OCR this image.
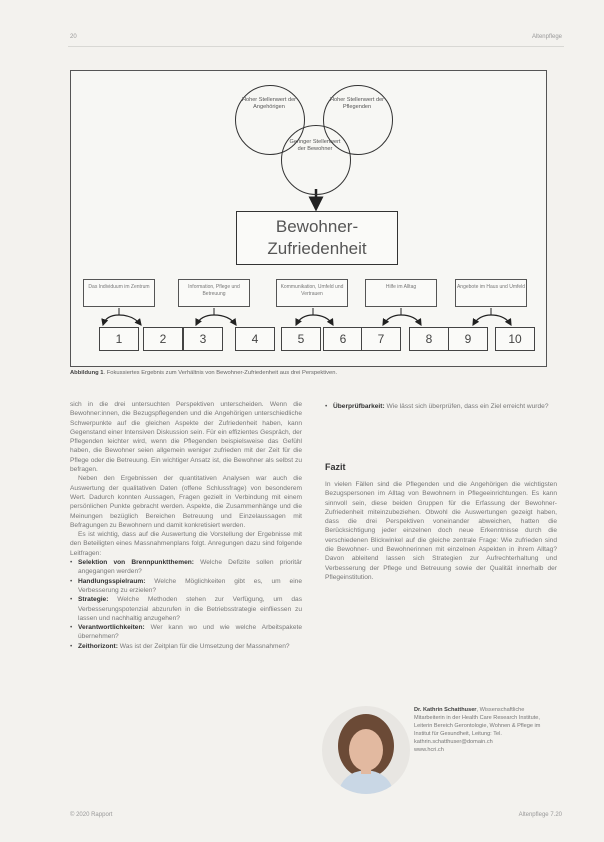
20	Altenpflege
Hoher Stellenwert der Angehörigen
Hoher Stellenwert der Pflegenden
Geringer Stellenwert der Bewohner
Bewohner-
Zufriedenheit
Das Individuum im Zentrum	Information, Pflege und Betreuung
Kommunikation, Umfeld und Vertrauen
Hilfe im Alltag	Angebote im Haus und Umfeld
1	2	3	4	5	6	7	8	9	10
Abbildung 1. Fokussiertes Ergebnis zum Verhältnis von Bewohner-Zufriedenheit aus drei Perspektiven.

sich in die drei untersuchten Perspektiven unterscheiden. Wenn die Bewohner:innen, die Bezugspflegenden und die Angehörigen unterschiedliche Schwerpunkte auf die gleichen Aspekte der Zufriedenheit haben, kann Gegenstand einer Intensiven Diskussion sein. Für ein effizientes Gespräch, der Pflegenden leichter wird, wenn die Pflegenden beispielsweise das Gefühl haben, die Bewohner seien allgemein weniger zufrieden mit der Zeit für die Pflege oder die Betreuung. Ein wichtiger Ansatz ist, die Bewohner als selbst zu befragen.

Neben den Ergebnissen der quantitativen Analysen war auch die Auswertung der qualitativen Daten (offene Schlussfrage) von besonderem Wert. Dadurch konnten Aussagen, Fragen gezielt in Verbindung mit einem persönlichen Punkte gebracht werden. Aspekte, die Zusammenhänge und die Meinungen bezüglich Bereichen Betreuung und Einzelaussagen mit Befragungen zu Bewohnern und damit konkretisiert werden.

Es ist wichtig, dass auf die Auswertung die Vorstellung der Ergebnisse mit den Beteiligten eines Massnahmenplans folgt. Anregungen dazu sind folgende Leitfragen:

• Selektion von Brennpunktthemen: Welche Defizite sollen prioritär angegangen werden?
• Handlungsspielraum: Welche Möglichkeiten gibt es, um eine Verbesserung zu erzielen?
• Strategie: Welche Methoden stehen zur Verfügung, um das Verbesserungspotenzial abzurufen in die Betriebsstrategie einfliessen zu lassen und nachhaltig anzugehen?
• Verantwortlichkeiten: Wer kann wo und wie welche Arbeitspakete übernehmen?
• Zeithorizont: Was ist der Zeitplan für die Umsetzung der Massnahmen?
• Überprüfbarkeit: Wie lässt sich überprüfen, dass ein Ziel erreicht wurde?
Fazit
In vielen Fällen sind die Pflegenden und die Angehörigen die wichtigsten Bezugspersonen im Alltag von Bewohnern in Pflegeeinrichtungen. Es kann sinnvoll sein, diese beiden Gruppen für die Erfassung der Bewohner-Zufriedenheit miteinzubeziehen. Obwohl die Auswertungen gezeigt haben, dass die drei Perspektiven voneinander abweichen, hatten die Berücksichtigung jeder einzelnen doch neue Erkenntnisse durch die verschiedenen Blickwinkel auf die gleiche zentrale Frage: Wie zufrieden sind die Bewohner- und Bewohnerinnen mit einzelnen Aspekten in ihrem Alltag? Davon ableitend lassen sich Strategien zur Aufrechterhaltung und Verbesserung der Pflege und Betreuung sowie der Qualität innerhalb der Pflegeinstitution.
Dr. Kathrin Schatthuser, Wissenschaftliche Mitarbeiterin in der Health Care Research Institute, Leiterin Bereich Gerontologie, Wohnen & Pflege im Institut für Gesundheit, Leitung: Tel.
kathrin.schatthuser@domain.ch
www.hcri.ch
© 2020 Rapport	Altenpflege 7.20
